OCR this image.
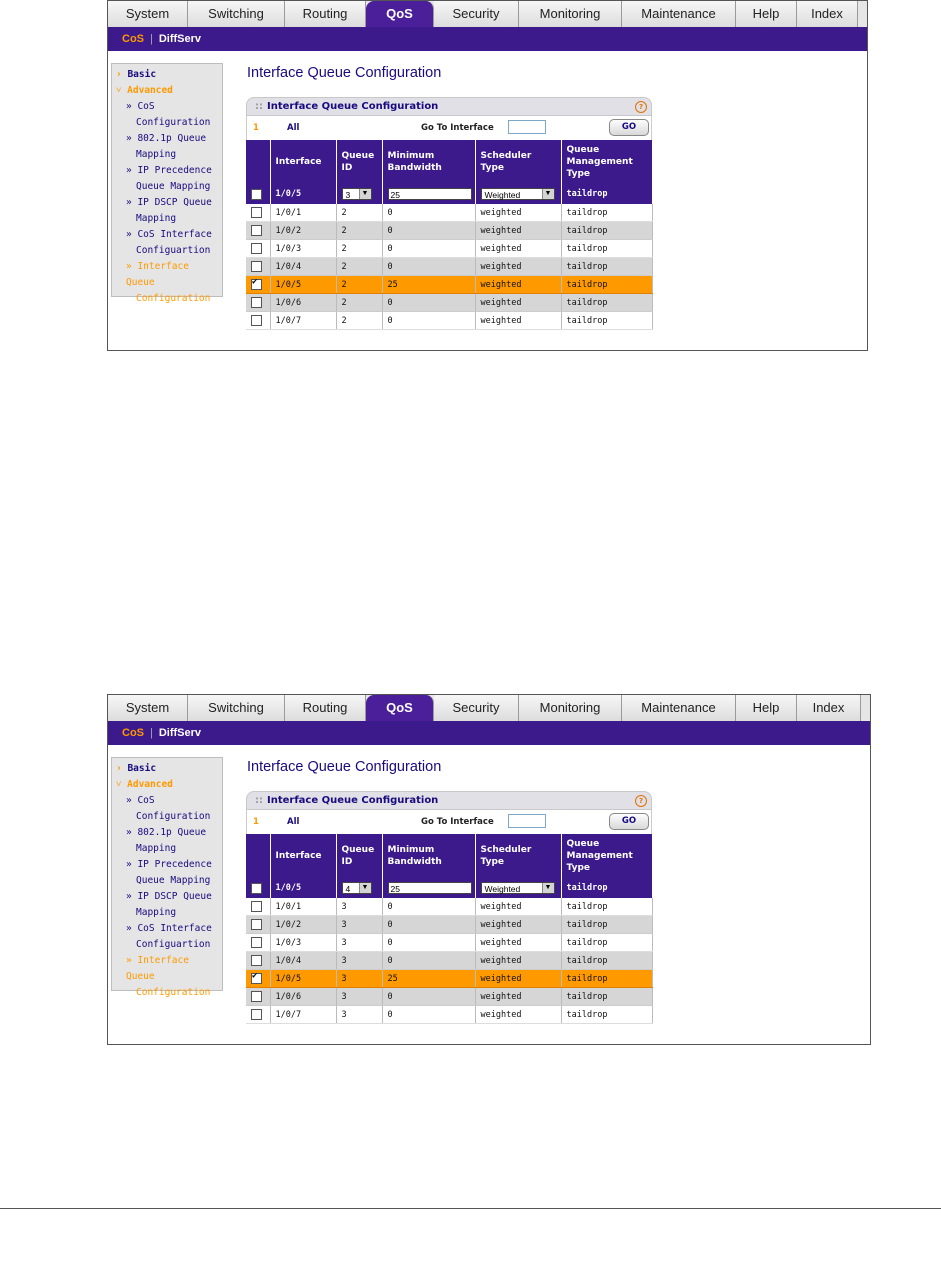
System	Switching	Routing	QoS	Security	Monitoring	Maintenance	Help	Index
CoS | DiffServ
› Basic
˅ Advanced
» CoS
Configuration
» 802.1p Queue
Mapping
» IP Precedence
Queue Mapping
» IP DSCP Queue
Mapping
» CoS Interface
Configuartion
» Interface Queue
Configuration
Interface Queue Configuration
:: Interface Queue Configuration	?
1	All	Go To Interface	GO
	Interface	Queue ID	Minimum Bandwidth	Scheduler Type	Queue Management Type
	1/0/5	3 ▼	25	Weighted ▼	taildrop
	1/0/1	2	0	weighted	taildrop
	1/0/2	2	0	weighted	taildrop
	1/0/3	2	0	weighted	taildrop
	1/0/4	2	0	weighted	taildrop
✔	1/0/5	2	25	weighted	taildrop
	1/0/6	2	0	weighted	taildrop
	1/0/7	2	0	weighted	taildrop
System	Switching	Routing	QoS	Security	Monitoring	Maintenance	Help	Index
CoS | DiffServ
› Basic
˅ Advanced
» CoS
Configuration
» 802.1p Queue
Mapping
» IP Precedence
Queue Mapping
» IP DSCP Queue
Mapping
» CoS Interface
Configuartion
» Interface Queue
Configuration
Interface Queue Configuration
:: Interface Queue Configuration	?
1	All	Go To Interface	GO
	Interface	Queue ID	Minimum Bandwidth	Scheduler Type	Queue Management Type
	1/0/5	4 ▼	25	Weighted ▼	taildrop
	1/0/1	3	0	weighted	taildrop
	1/0/2	3	0	weighted	taildrop
	1/0/3	3	0	weighted	taildrop
	1/0/4	3	0	weighted	taildrop
✔	1/0/5	3	25	weighted	taildrop
	1/0/6	3	0	weighted	taildrop
	1/0/7	3	0	weighted	taildrop
